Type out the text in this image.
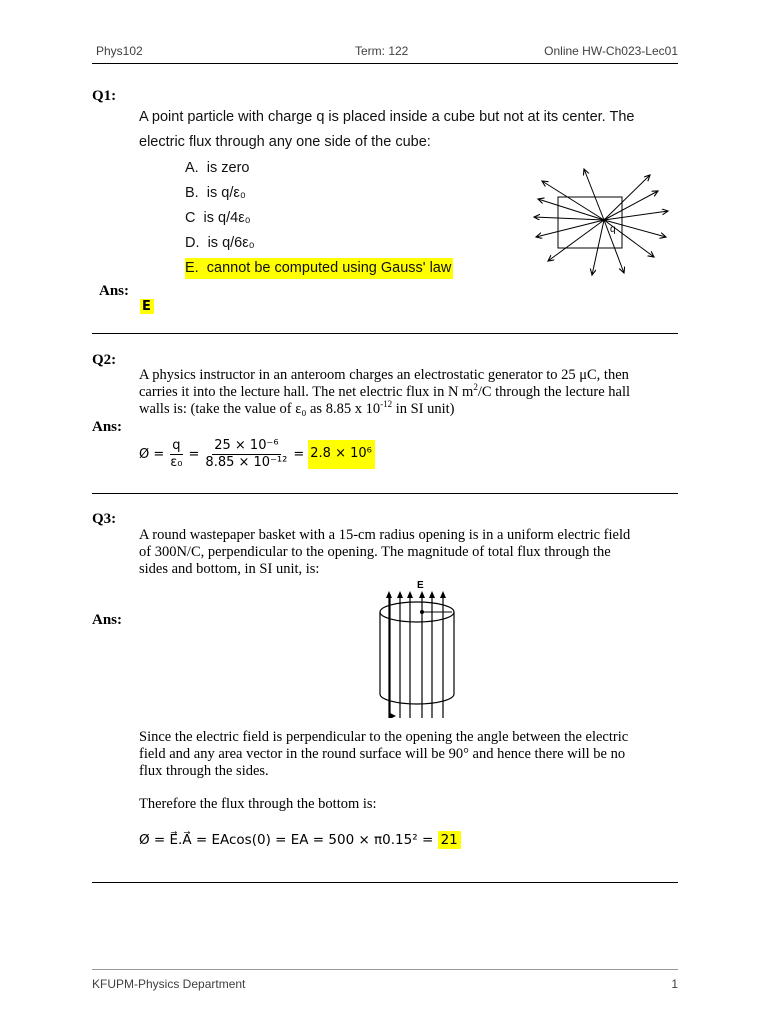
Phys102	Term: 122	Online HW-Ch023-Lec01
Q1:
A point particle with charge q is placed inside a cube but not at its center. The
electric flux through any one side of the cube:
A. is zero
B. is q/ε₀
C is q/4ε₀
D. is q/6ε₀
E. cannot be computed using Gauss' law
q
Ans:
E
Q2:
A physics instructor in an anteroom charges an electrostatic generator to 25 μC, then
carries it into the lecture hall. The net electric flux in N $m^2/C$ through the lecture hall
walls is: (take the value of ε₀ as 8.85 x $10^{-12}$ in SI unit)
Ans:
Ø = $\frac{q}{\text{ε₀}} = \frac{\text{25 × 10⁻⁶}}{\text{8.85 × 10⁻¹²}} = 2.8 \times 10^6$
Q3:
A round wastepaper basket with a 15-cm radius opening is in a uniform electric field
of 300N/C, perpendicular to the opening. The magnitude of total flux through the
sides and bottom, in SI unit, is:
Ans:
E
Since the electric field is perpendicular to the opening the angle between the electric
field and any area vector in the round surface will be 90° and hence there will be no
flux through the sides.
Therefore the flux through the bottom is:
Ø = E⃗.A⃗ = EAcos(0) = EA = 500 × π0.15² = 21
KFUPM-Physics Department	1
